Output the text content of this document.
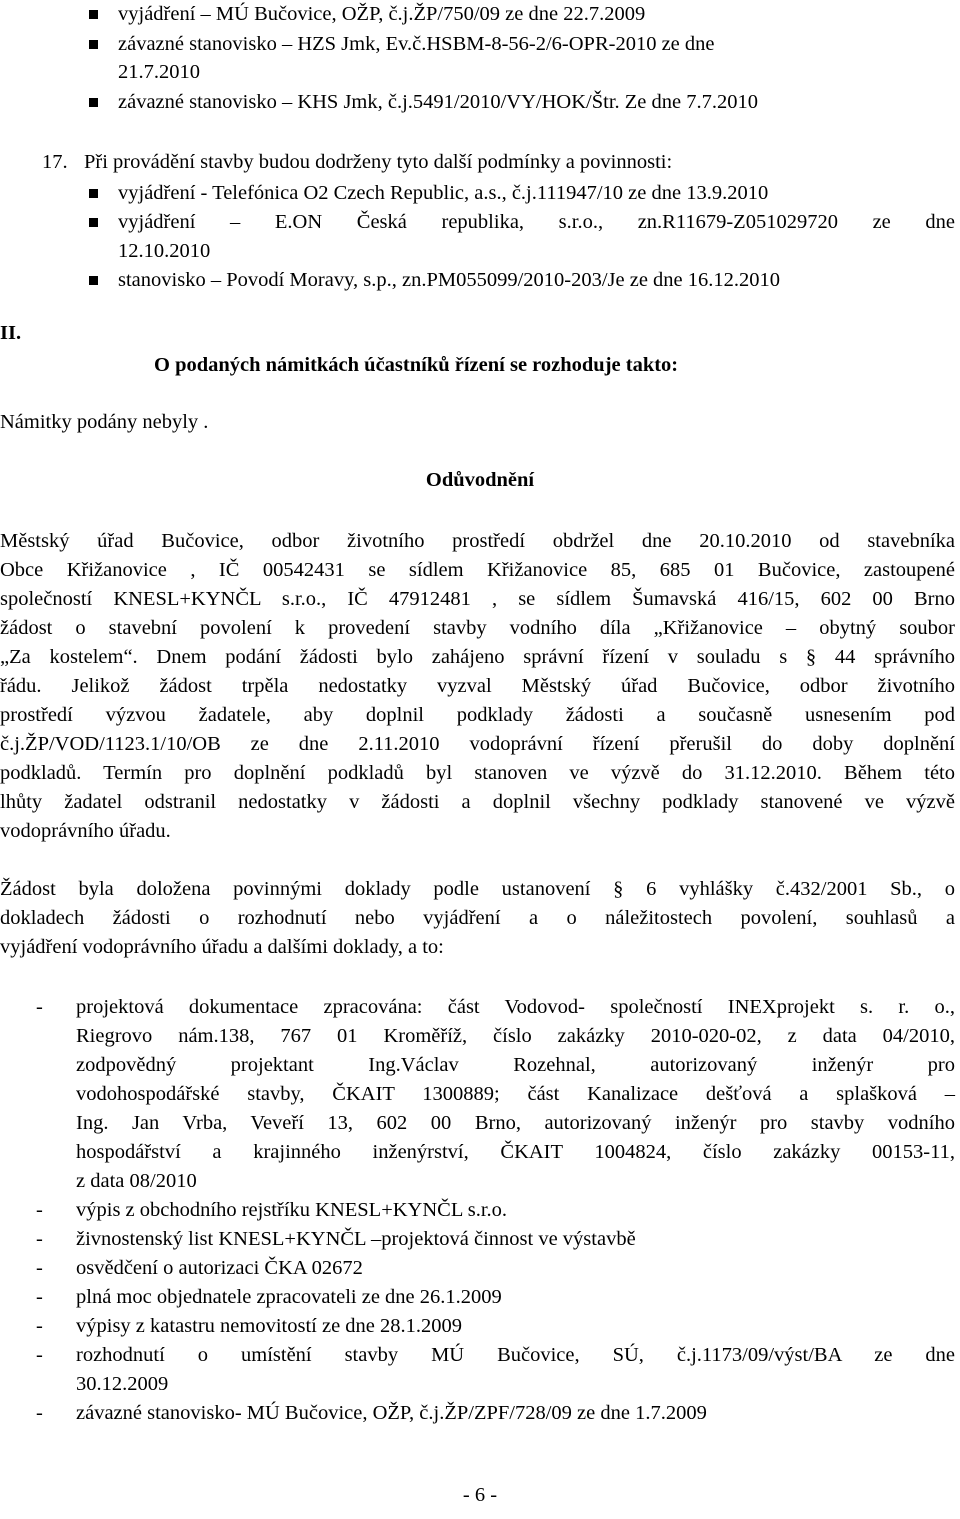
vyjádření – MÚ Bučovice, OŽP, č.j.ŽP/750/09 ze dne 22.7.2009
závazné stanovisko – HZS Jmk, Ev.č.HSBM-8-56-2/6-OPR-2010 ze dne
21.7.2010
závazné stanovisko – KHS Jmk, č.j.5491/2010/VY/HOK/Štr. Ze dne 7.7.2010
17. Při provádění stavby budou dodrženy tyto další podmínky a povinnosti:
vyjádření - Telefónica O2 Czech Republic, a.s., č.j.111947/10 ze dne 13.9.2010
vyjádření – E.ON Česká republika, s.r.o., zn.R11679-Z051029720 ze dne
12.10.2010
stanovisko – Povodí Moravy, s.p., zn.PM055099/2010-203/Je ze dne 16.12.2010
II.
O podaných námitkách účastníků řízení se rozhoduje takto:
Námitky podány nebyly .
Odůvodnění
Městský úřad Bučovice, odbor životního prostředí obdržel dne 20.10.2010 od stavebníka
Obce Křižanovice , IČ 00542431 se sídlem Křižanovice 85, 685 01 Bučovice, zastoupené
společností KNESL+KYNČL s.r.o., IČ 47912481 , se sídlem Šumavská 416/15, 602 00 Brno
žádost o stavební povolení k provedení stavby vodního díla „Křižanovice – obytný soubor
„Za kostelem“. Dnem podání žádosti bylo zahájeno správní řízení v souladu s § 44 správního
řádu. Jelikož žádost trpěla nedostatky vyzval Městský úřad Bučovice, odbor životního
prostředí výzvou žadatele, aby doplnil podklady žádosti a současně usnesením pod
č.j.ŽP/VOD/1123.1/10/OB ze dne 2.11.2010 vodoprávní řízení přerušil do doby doplnění
podkladů. Termín pro doplnění podkladů byl stanoven ve výzvě do 31.12.2010. Během této
lhůty žadatel odstranil nedostatky v žádosti a doplnil všechny podklady stanovené ve výzvě
vodoprávního úřadu.
Žádost byla doložena povinnými doklady podle ustanovení § 6 vyhlášky č.432/2001 Sb., o
dokladech žádosti o rozhodnutí nebo vyjádření a o náležitostech povolení, souhlasů a
vyjádření vodoprávního úřadu a dalšími doklady, a to:
- projektová dokumentace zpracována: část Vodovod- společností INEXprojekt s. r. o.,
Riegrovo nám.138, 767 01 Kroměříž, číslo zakázky 2010-020-02, z data 04/2010,
zodpovědný projektant Ing.Václav Rozehnal, autorizovaný inženýr pro
vodohospodářské stavby, ČKAIT 1300889; část Kanalizace dešťová a splašková –
Ing. Jan Vrba, Veveří 13, 602 00 Brno, autorizovaný inženýr pro stavby vodního
hospodářství a krajinného inženýrství, ČKAIT 1004824, číslo zakázky 00153-11,
z data 08/2010
- výpis z obchodního rejstříku KNESL+KYNČL s.r.o.
- živnostenský list KNESL+KYNČL –projektová činnost ve výstavbě
- osvědčení o autorizaci ČKA 02672
- plná moc objednatele zpracovateli ze dne 26.1.2009
- výpisy z katastru nemovitostí ze dne 28.1.2009
- rozhodnutí o umístění stavby MÚ Bučovice, SÚ, č.j.1173/09/výst/BA ze dne
30.12.2009
- závazné stanovisko- MÚ Bučovice, OŽP, č.j.ŽP/ZPF/728/09 ze dne 1.7.2009
- 6 -
